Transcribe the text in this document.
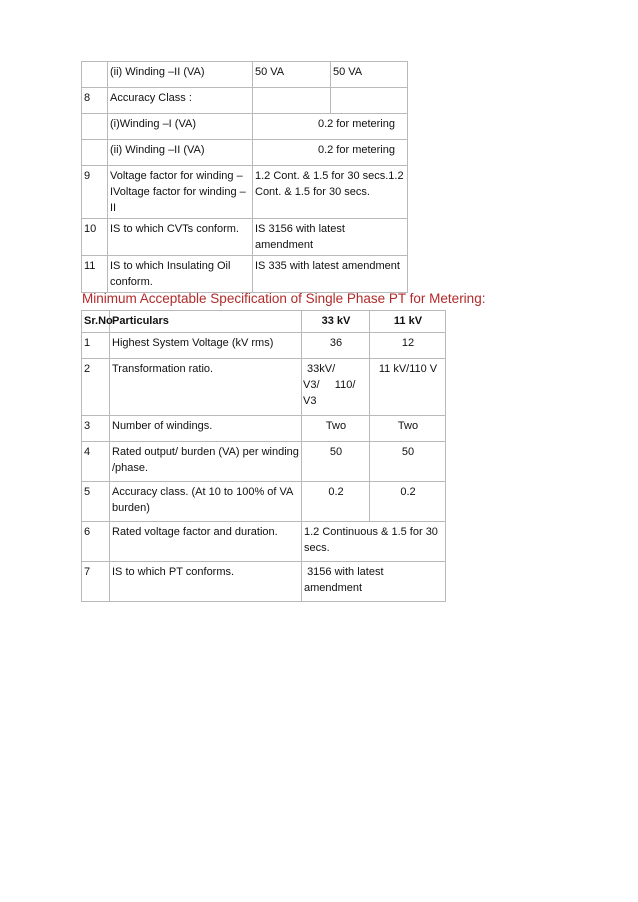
	(ii) Winding –II (VA)	50 VA	50 VA
8	Accuracy Class :		
	(i)Winding –I (VA)	0.2 for metering	
	(ii) Winding –II (VA)	0.2 for metering	
9	Voltage factor for winding – IVoltage factor for winding – II	1.2 Cont. & 1.5 for 30 secs.1.2 Cont. & 1.5 for 30 secs.	
10	IS to which CVTs conform.	IS 3156 with latest amendment	
11	IS to which Insulating Oil conform.	IS 335 with latest amendment	
Minimum Acceptable Specification of Single Phase PT for Metering:
Sr.No	Particulars	33 kV	11 kV
1	Highest System Voltage (kV rms)	36	12
2	Transformation ratio.	33kV/
V3/     110/
V3	11 kV/110 V
3	Number of windings.	Two	Two
4	Rated output/ burden (VA) per winding /phase.	50	50
5	Accuracy class. (At 10 to 100% of VA burden)	0.2	0.2
6	Rated voltage factor and duration.	1.2 Continuous & 1.5 for 30 secs.	
7	IS to which PT conforms.	3156 with latest amendment	
